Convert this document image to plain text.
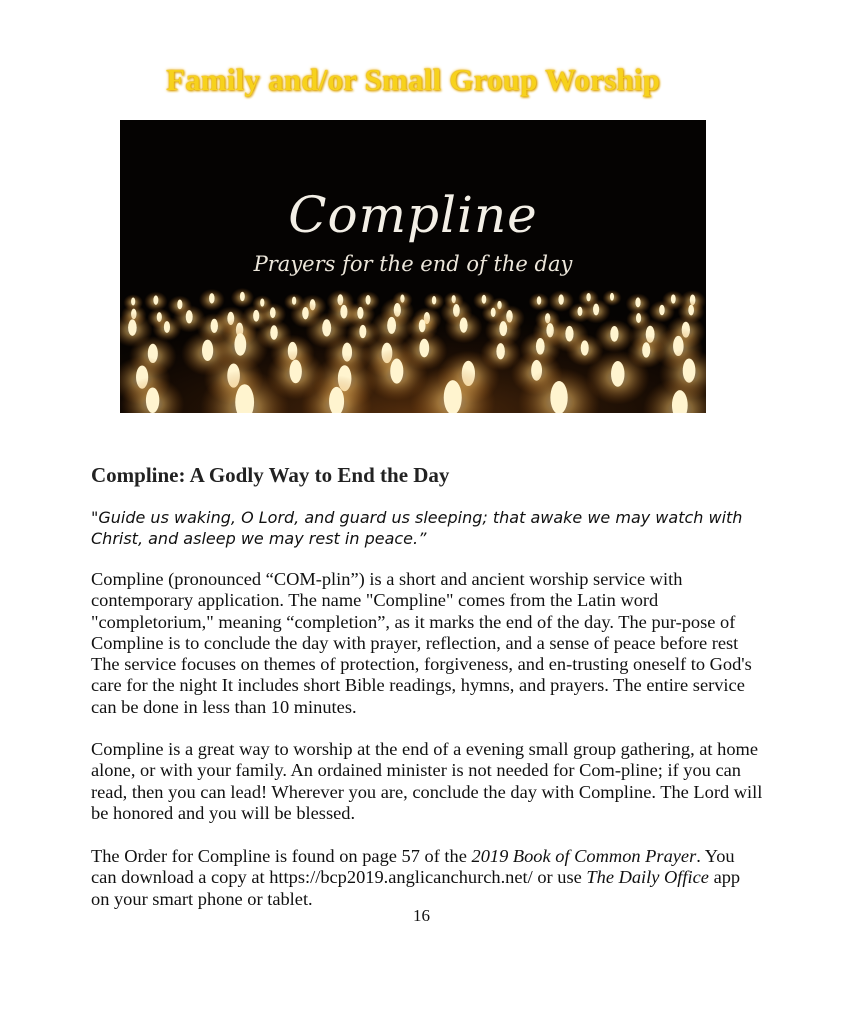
Family and/or Small Group Worship
Compline
Prayers for the end of the day
Compline: A Godly Way to End the Day
"Guide us waking, O Lord, and guard us sleeping; that awake we may watch with Christ, and asleep we may rest in peace.”
Compline (pronounced “COM-plin”) is a short and ancient worship service with contemporary application. The name "Compline" comes from the Latin word "completorium," meaning “completion”, as it marks the end of the day. The pur-pose of Compline is to conclude the day with prayer, reflection, and a sense of peace before rest The service focuses on themes of protection, forgiveness, and en-trusting oneself to God's care for the night It includes short Bible readings, hymns, and prayers. The entire service can be done in less than 10 minutes.
Compline is a great way to worship at the end of a evening small group gathering, at home alone, or with your family. An ordained minister is not needed for Com-pline; if you can read, then you can lead! Wherever you are, conclude the day with Compline. The Lord will be honored and you will be blessed.
The Order for Compline is found on page 57 of the 2019 Book of Common Prayer. You can download a copy at https://bcp2019.anglicanchurch.net/ or use The Daily Office app on your smart phone or tablet.
16
